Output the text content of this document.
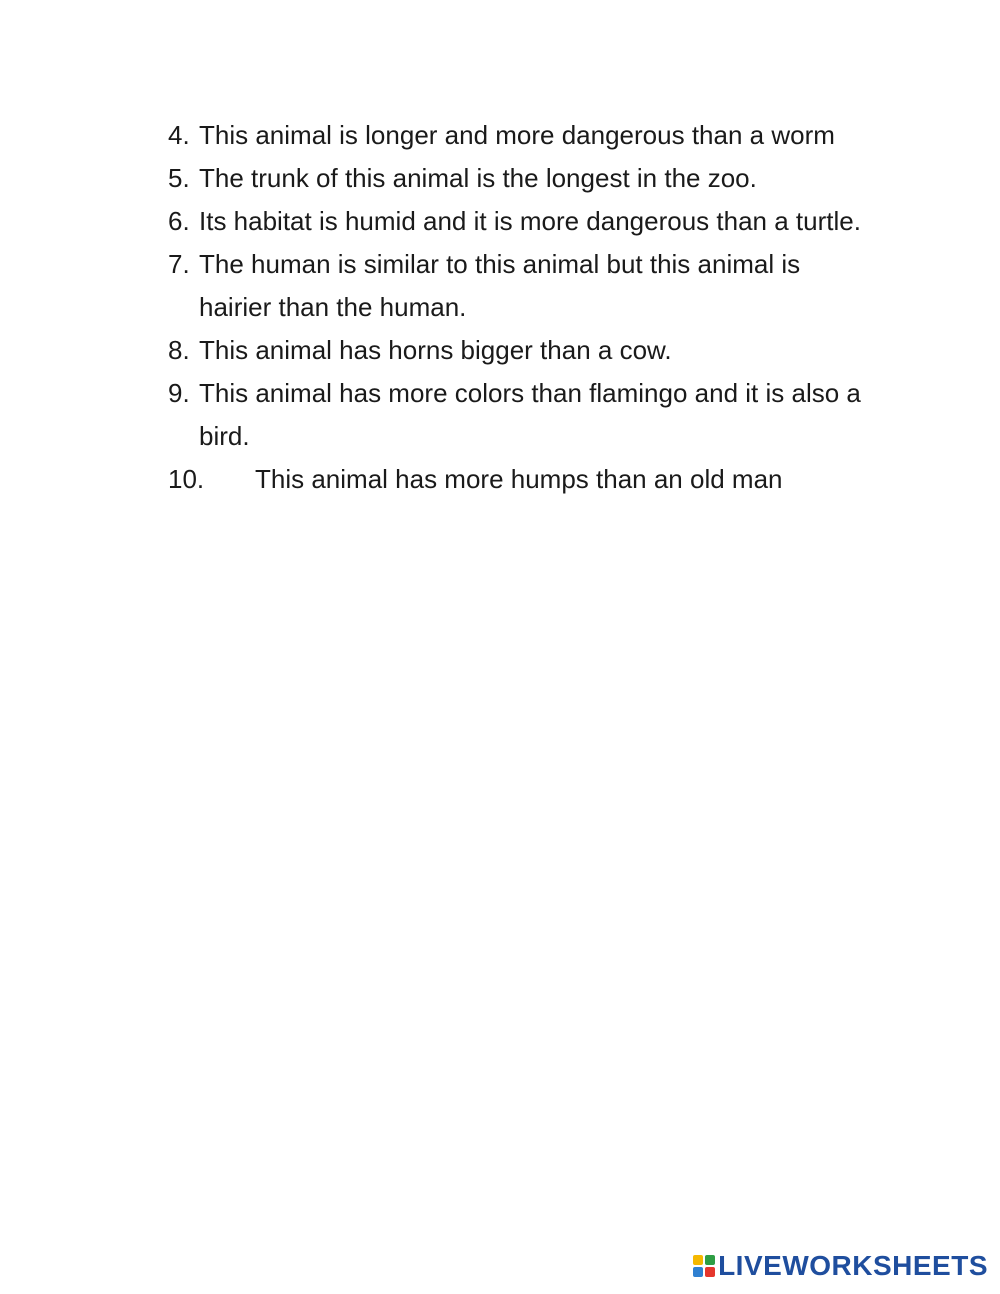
4. This animal is longer and more dangerous than a worm
5. The trunk of this animal is the longest in the zoo.
6. Its habitat is humid and it is more dangerous than a turtle.
7. The human is similar to this animal but this animal is hairier than the human.
8. This animal has horns bigger than a cow.
9. This animal has more colors than flamingo and it is also a bird.
10.	This animal has more humps than an old man
LIVEWORKSHEETS
